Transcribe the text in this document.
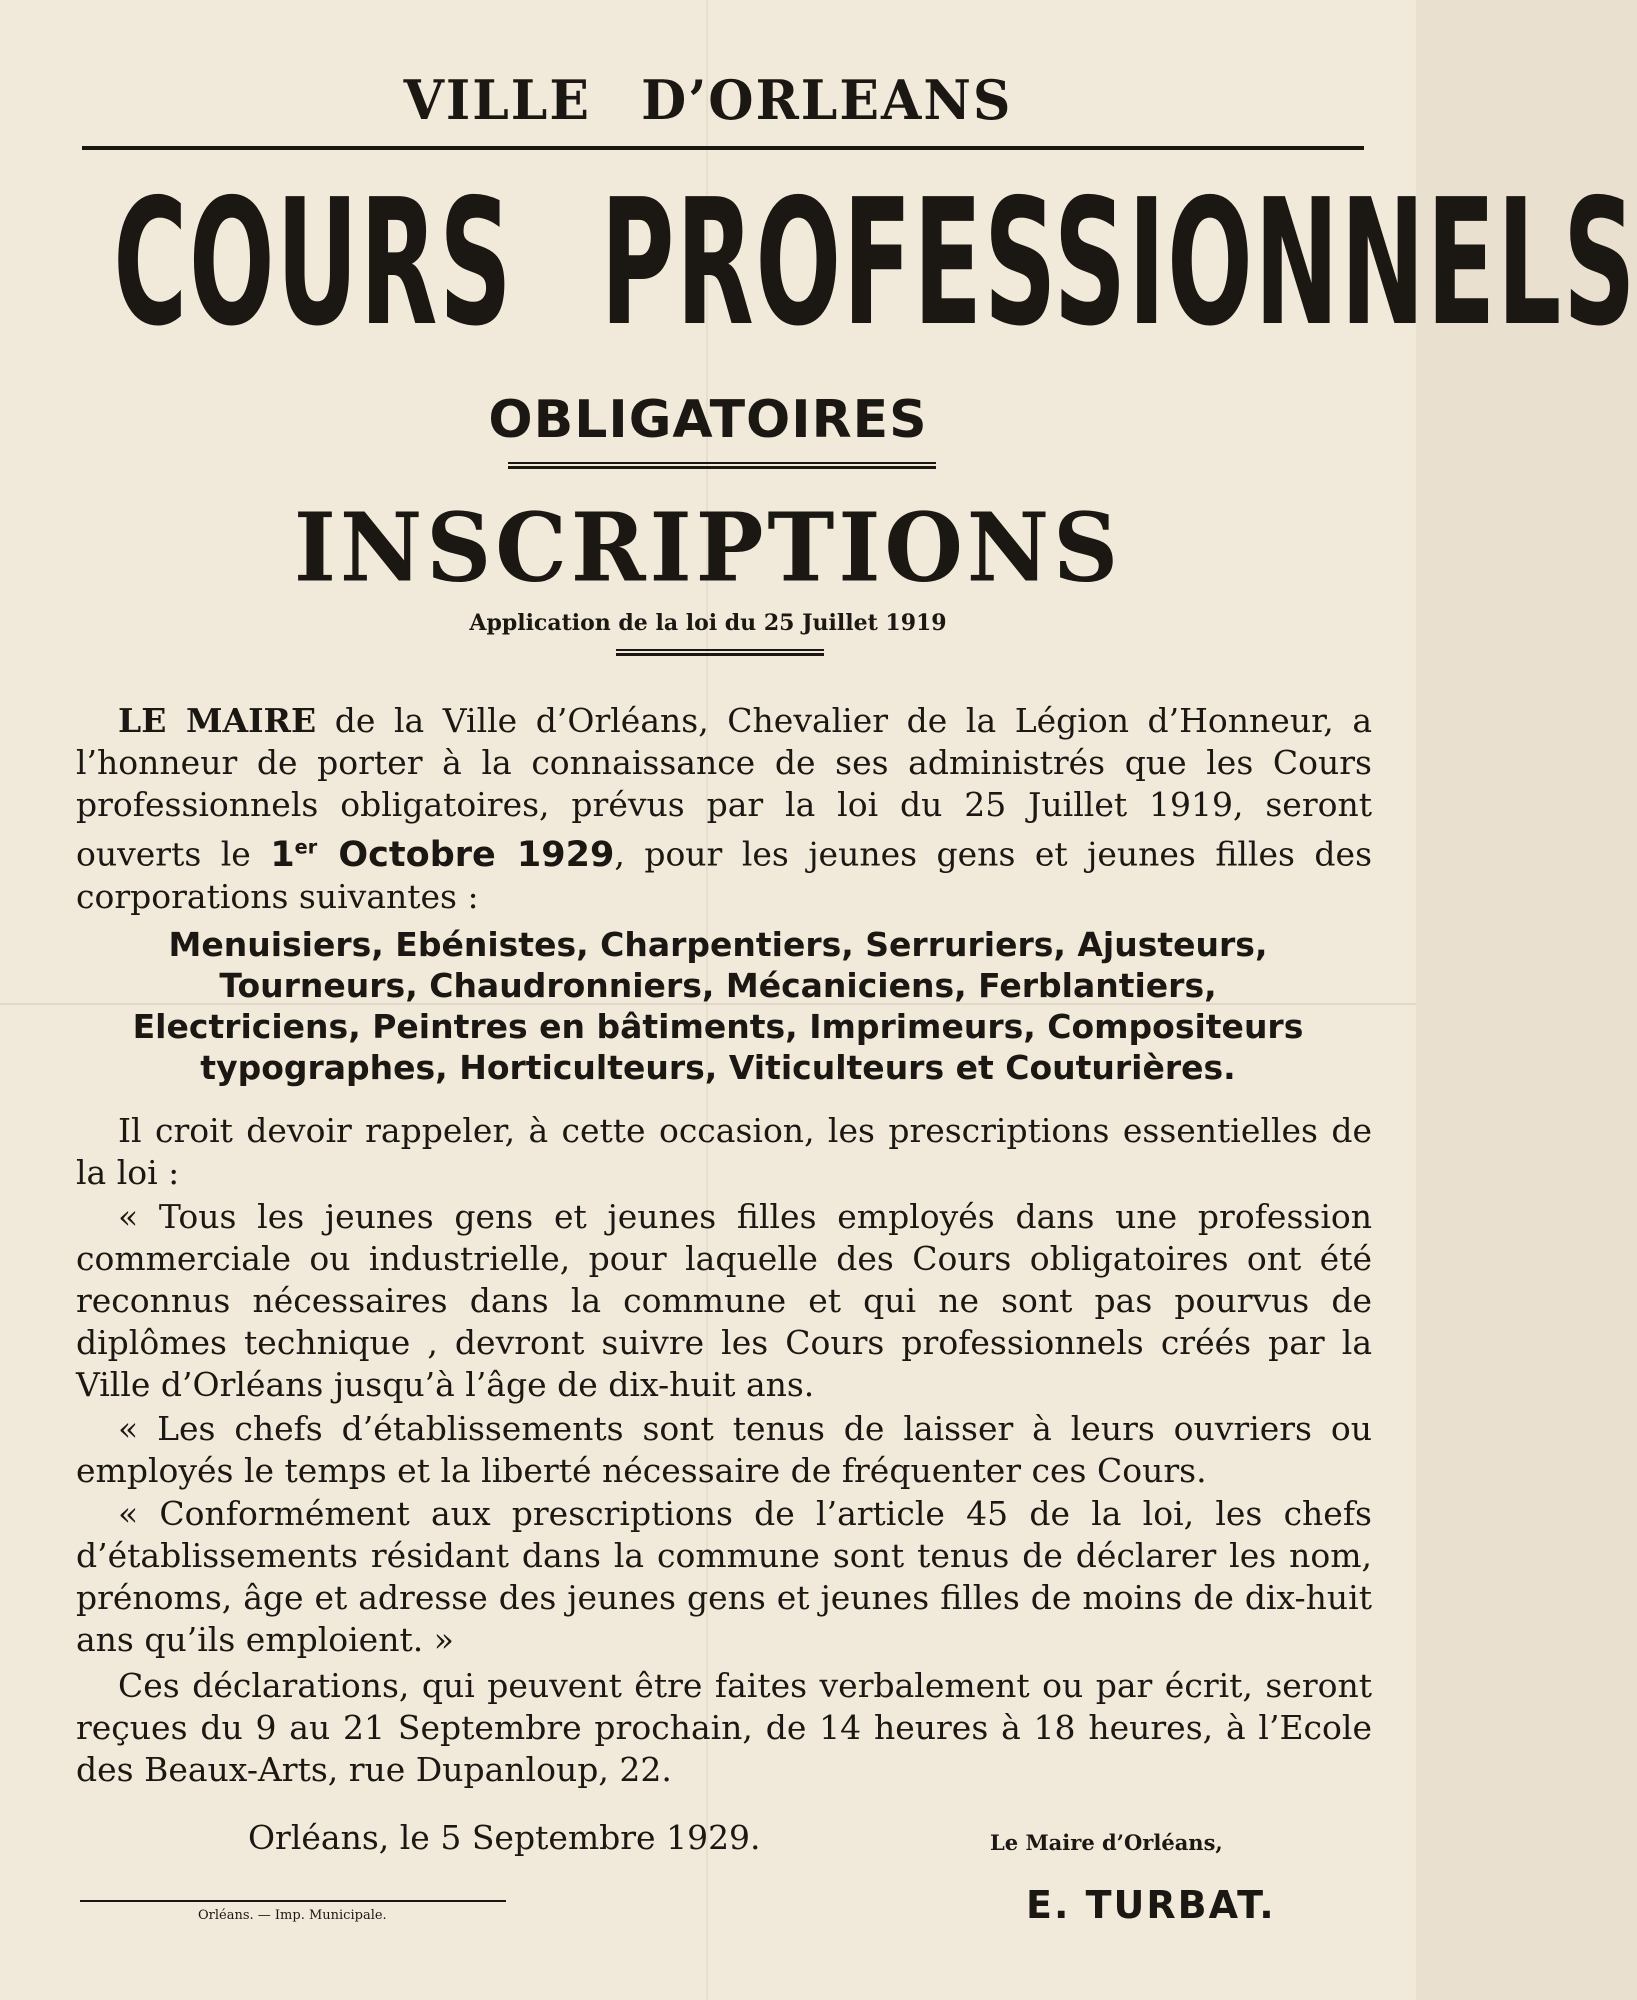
VILLE D’ORLEANS
COURS PROFESSIONNELS
OBLIGATOIRES
INSCRIPTIONS
Application de la loi du 25 Juillet 1919
LE MAIRE de la Ville d’Orléans, Chevalier de la Légion d’Honneur, a l’honneur de porter à la connaissance de ses administrés que les Cours professionnels obligatoires, prévus par la loi du 25 Juillet 1919, seront ouverts le 1er Octobre 1929, pour les jeunes gens et jeunes filles des corporations suivantes :
Menuisiers, Ebénistes, Charpentiers, Serruriers, Ajusteurs,
Tourneurs, Chaudronniers, Mécaniciens, Ferblantiers,
Electriciens, Peintres en bâtiments, Imprimeurs, Compositeurs
typographes, Horticulteurs, Viticulteurs et Couturières.
Il croit devoir rappeler, à cette occasion, les prescriptions essentielles de la loi :
« Tous les jeunes gens et jeunes filles employés dans une profession commerciale ou industrielle, pour laquelle des Cours obligatoires ont été reconnus nécessaires dans la commune et qui ne sont pas pourvus de diplômes technique , devront suivre les Cours professionnels créés par la Ville d’Orléans jusqu’à l’âge de dix-huit ans.
« Les chefs d’établissements sont tenus de laisser à leurs ouvriers ou employés le temps et la liberté nécessaire de fréquenter ces Cours.
« Conformément aux prescriptions de l’article 45 de la loi, les chefs d’établissements résidant dans la commune sont tenus de déclarer les nom, prénoms, âge et adresse des jeunes gens et jeunes filles de moins de dix-huit ans qu’ils emploient. »
Ces déclarations, qui peuvent être faites verbalement ou par écrit, seront reçues du 9 au 21 Septembre prochain, de 14 heures à 18 heures, à l’Ecole des Beaux-Arts, rue Dupanloup, 22.
Orléans, le 5 Septembre 1929.	Le Maire d’Orléans,
E. TURBAT.
Orléans. — Imp. Municipale.
